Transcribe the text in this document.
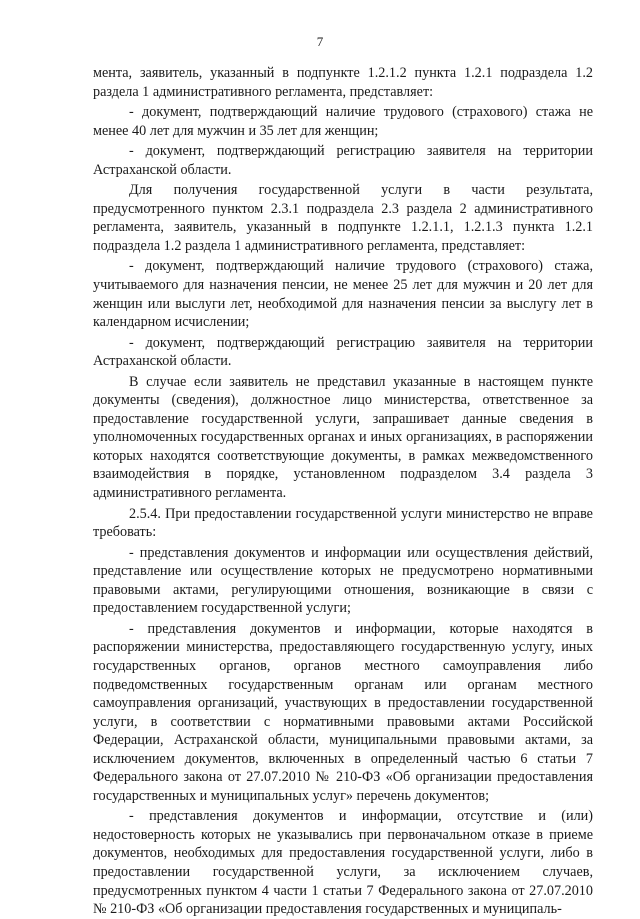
7

мента, заявитель, указанный в подпункте 1.2.1.2 пункта 1.2.1 подраздела 1.2 раздела 1 административного регламента, представляет:

- документ, подтверждающий наличие трудового (страхового) стажа не менее 40 лет для мужчин и 35 лет для женщин;

- документ, подтверждающий регистрацию заявителя на территории Астраханской области.

Для получения государственной услуги в части результата, предусмотренного пунктом 2.3.1 подраздела 2.3 раздела 2 административного регламента, заявитель, указанный в подпункте 1.2.1.1, 1.2.1.3 пункта 1.2.1 подраздела 1.2 раздела 1 административного регламента, представляет:

- документ, подтверждающий наличие трудового (страхового) стажа, учитываемого для назначения пенсии, не менее 25 лет для мужчин и 20 лет для женщин или выслуги лет, необходимой для назначения пенсии за выслугу лет в календарном исчислении;

- документ, подтверждающий регистрацию заявителя на территории Астраханской области.

В случае если заявитель не представил указанные в настоящем пункте документы (сведения), должностное лицо министерства, ответственное за предоставление государственной услуги, запрашивает данные сведения в уполномоченных государственных органах и иных организациях, в распоряжении которых находятся соответствующие документы, в рамках межведомственного взаимодействия в порядке, установленном подразделом 3.4 раздела 3 административного регламента.

2.5.4. При предоставлении государственной услуги министерство не вправе требовать:

- представления документов и информации или осуществления действий, представление или осуществление которых не предусмотрено нормативными правовыми актами, регулирующими отношения, возникающие в связи с предоставлением государственной услуги;

- представления документов и информации, которые находятся в распоряжении министерства, предоставляющего государственную услугу, иных государственных органов, органов местного самоуправления либо подведомственных государственным органам или органам местного самоуправления организаций, участвующих в предоставлении государственной услуги, в соответствии с нормативными правовыми актами Российской Федерации, Астраханской области, муниципальными правовыми актами, за исключением документов, включенных в определенный частью 6 статьи 7 Федерального закона от 27.07.2010 № 210-ФЗ «Об организации предоставления государственных и муниципальных услуг» перечень документов;

- представления документов и информации, отсутствие и (или) недостоверность которых не указывались при первоначальном отказе в приеме документов, необходимых для предоставления государственной услуги, либо в предоставлении государственной услуги, за исключением случаев, предусмотренных пунктом 4 части 1 статьи 7 Федерального закона от 27.07.2010 № 210-ФЗ «Об организации предоставления государственных и муниципаль-
